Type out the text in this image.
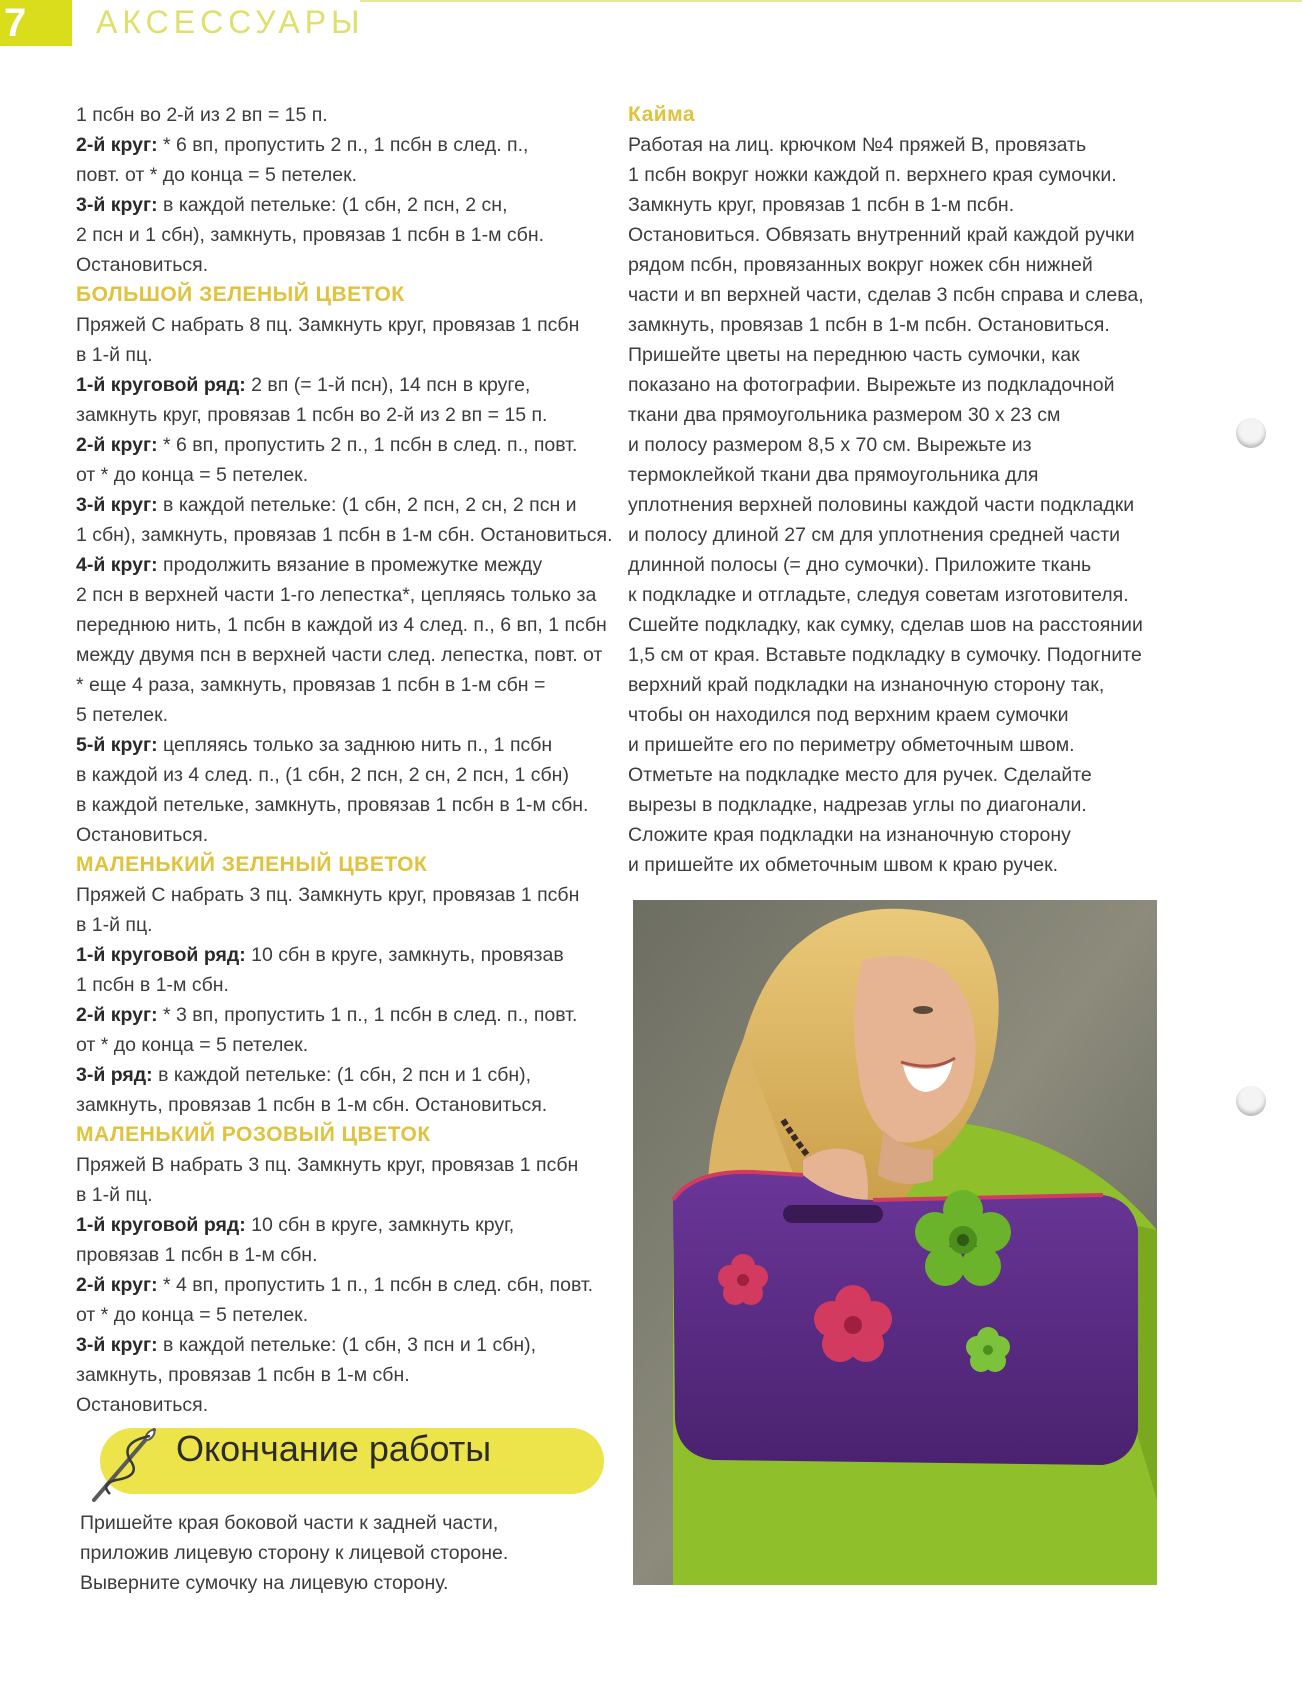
7	АКСЕССУАРЫ

1 псбн во 2-й из 2 вп = 15 п.

2-й круг: * 6 вп, пропустить 2 п., 1 псбн в след. п.,

повт. от * до конца = 5 петелек.

3-й круг: в каждой петельке: (1 сбн, 2 псн, 2 сн,

2 псн и 1 сбн), замкнуть, провязав 1 псбн в 1-м сбн.

Остановиться.

БОЛЬШОЙ ЗЕЛЕНЫЙ ЦВЕТОК

Пряжей С набрать 8 пц. Замкнуть круг, провязав 1 псбн

в 1-й пц.

1-й круговой ряд: 2 вп (= 1-й псн), 14 псн в круге,

замкнуть круг, провязав 1 псбн во 2-й из 2 вп = 15 п.

2-й круг: * 6 вп, пропустить 2 п., 1 псбн в след. п., повт.

от * до конца = 5 петелек.

3-й круг: в каждой петельке: (1 сбн, 2 псн, 2 сн, 2 псн и

1 сбн), замкнуть, провязав 1 псбн в 1-м сбн. Остановиться.

4-й круг: продолжить вязание в промежутке между

2 псн в верхней части 1-го лепестка*, цепляясь только за

переднюю нить, 1 псбн в каждой из 4 след. п., 6 вп, 1 псбн

между двумя псн в верхней части след. лепестка, повт. от

* еще 4 раза, замкнуть, провязав 1 псбн в 1-м сбн =

5 петелек.

5-й круг: цепляясь только за заднюю нить п., 1 псбн

в каждой из 4 след. п., (1 сбн, 2 псн, 2 сн, 2 псн, 1 сбн)

в каждой петельке, замкнуть, провязав 1 псбн в 1-м сбн.

Остановиться.

МАЛЕНЬКИЙ ЗЕЛЕНЫЙ ЦВЕТОК

Пряжей С набрать 3 пц. Замкнуть круг, провязав 1 псбн

в 1-й пц.

1-й круговой ряд: 10 сбн в круге, замкнуть, провязав

1 псбн в 1-м сбн.

2-й круг: * 3 вп, пропустить 1 п., 1 псбн в след. п., повт.

от * до конца = 5 петелек.

3-й ряд: в каждой петельке: (1 сбн, 2 псн и 1 сбн),

замкнуть, провязав 1 псбн в 1-м сбн. Остановиться.

МАЛЕНЬКИЙ РОЗОВЫЙ ЦВЕТОК

Пряжей В набрать 3 пц. Замкнуть круг, провязав 1 псбн

в 1-й пц.

1-й круговой ряд: 10 сбн в круге, замкнуть круг,

провязав 1 псбн в 1-м сбн.

2-й круг: * 4 вп, пропустить 1 п., 1 псбн в след. сбн, повт.

от * до конца = 5 петелек.

3-й круг: в каждой петельке: (1 сбн, 3 псн и 1 сбн),

замкнуть, провязав 1 псбн в 1-м сбн.

Остановиться.

Кайма

Работая на лиц. крючком №4 пряжей В, провязать

1 псбн вокруг ножки каждой п. верхнего края сумочки.

Замкнуть круг, провязав 1 псбн в 1-м псбн.

Остановиться. Обвязать внутренний край каждой ручки

рядом псбн, провязанных вокруг ножек сбн нижней

части и вп верхней части, сделав 3 псбн справа и слева,

замкнуть, провязав 1 псбн в 1-м псбн. Остановиться.

Пришейте цветы на переднюю часть сумочки, как

показано на фотографии. Вырежьте из подкладочной

ткани два прямоугольника размером 30 х 23 см

и полосу размером 8,5 х 70 см. Вырежьте из

термоклейкой ткани два прямоугольника для

уплотнения верхней половины каждой части подкладки

и полосу длиной 27 см для уплотнения средней части

длинной полосы (= дно сумочки). Приложите ткань

к подкладке и отгладьте, следуя советам изготовителя.

Сшейте подкладку, как сумку, сделав шов на расстоянии

1,5 см от края. Вставьте подкладку в сумочку. Подогните

верхний край подкладки на изнаночную сторону так,

чтобы он находился под верхним краем сумочки

и пришейте его по периметру обметочным швом.

Отметьте на подкладке место для ручек. Сделайте

вырезы в подкладке, надрезав углы по диагонали.

Сложите края подкладки на изнаночную сторону

и пришейте их обметочным швом к краю ручек.

Окончание работы

Пришейте края боковой части к задней части,

приложив лицевую сторону к лицевой стороне.

Выверните сумочку на лицевую сторону.
